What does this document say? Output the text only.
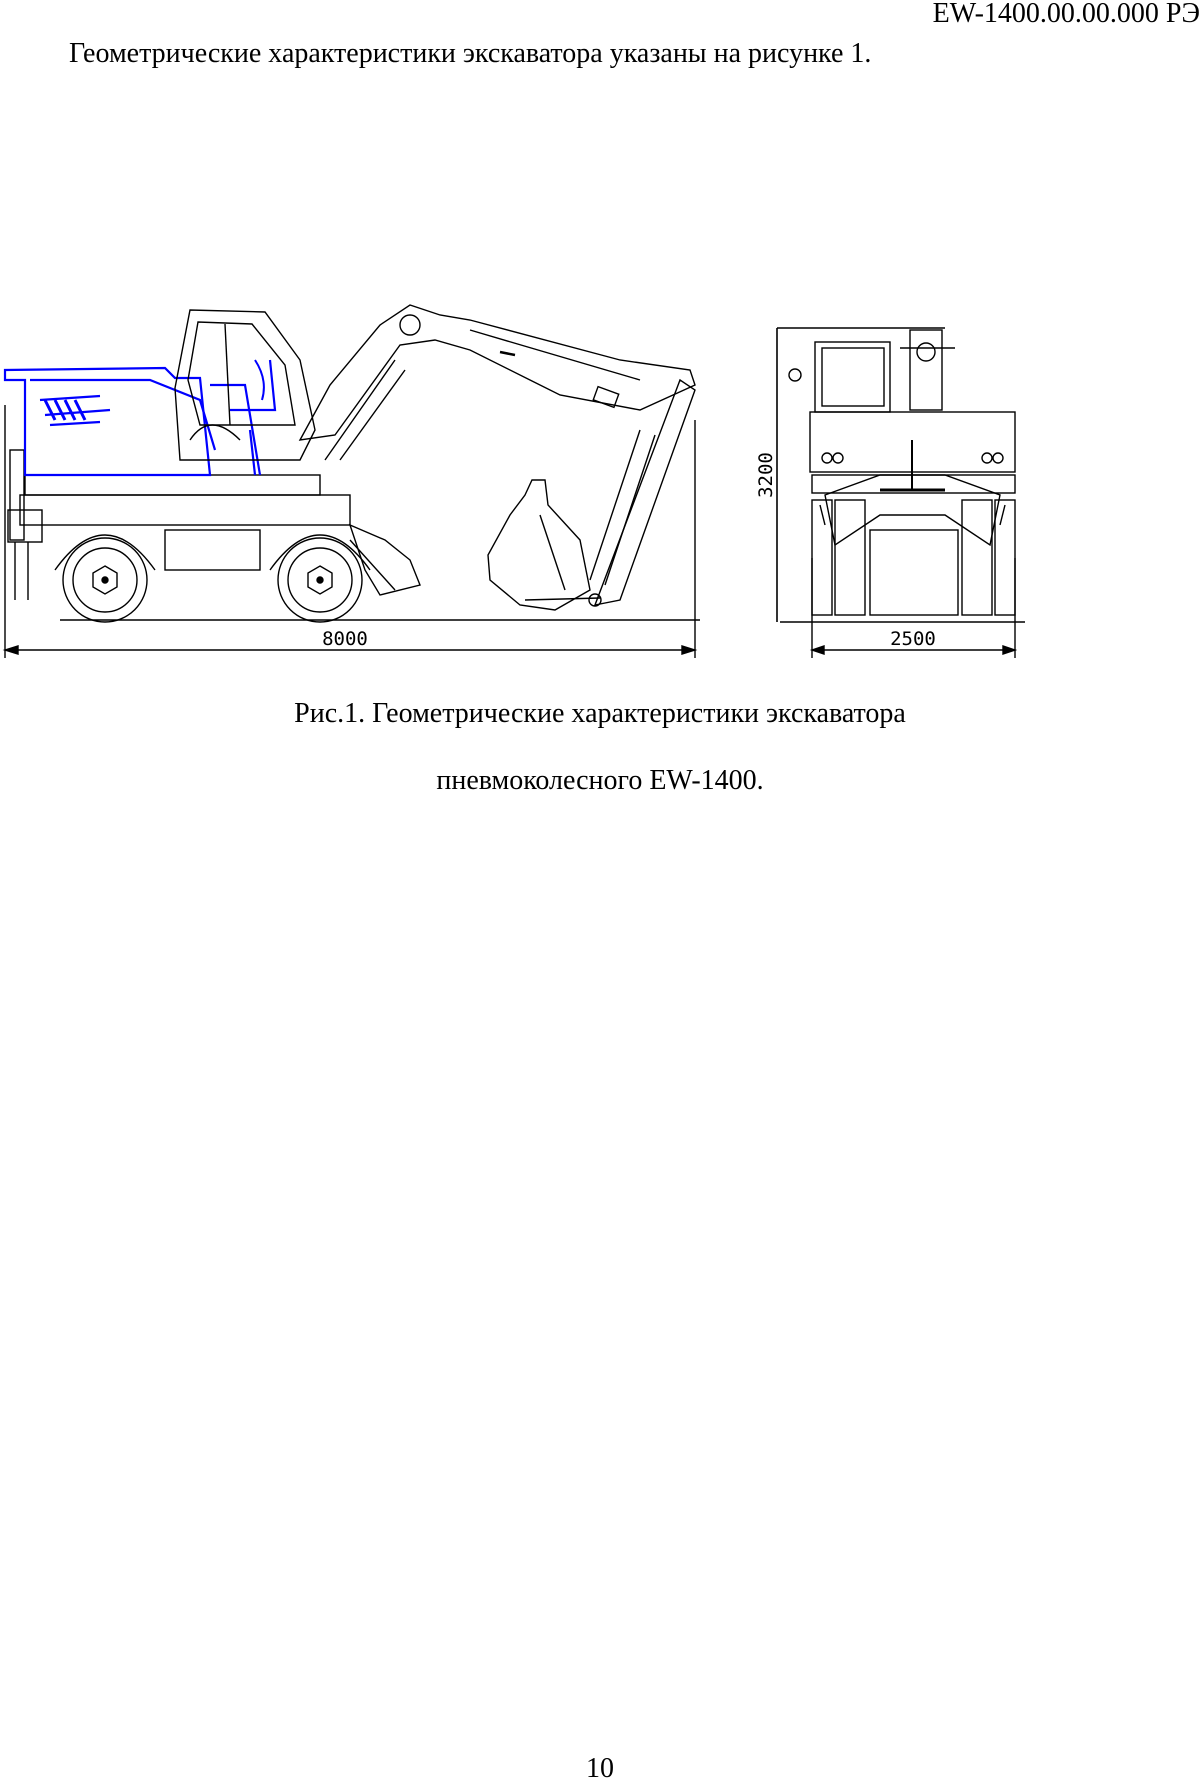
EW-1400.00.00.000 РЭ
Геометрические характеристики экскаватора указаны на рисунке 1.
8000	2500
3200
Рис.1. Геометрические характеристики экскаватора
пневмоколесного EW-1400.
10
